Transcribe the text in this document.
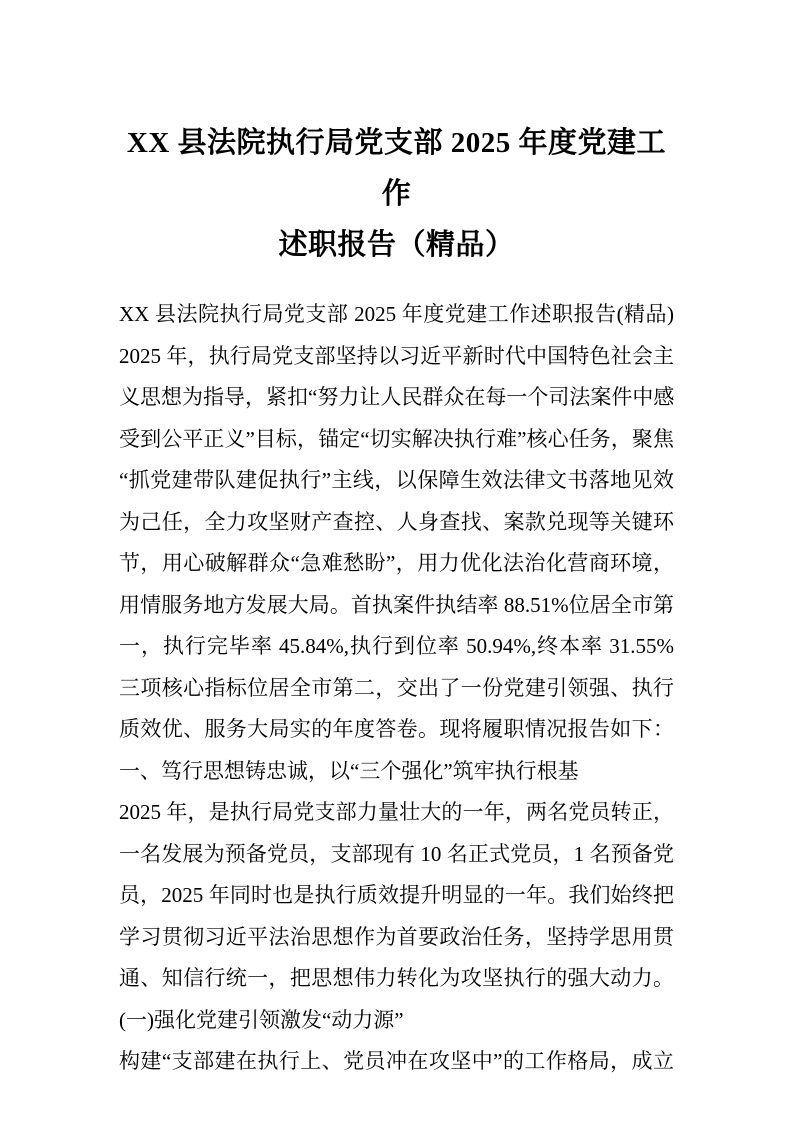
XX 县法院执行局党支部 2025 年度党建工作
述职报告（精品）
XX 县法院执行局党支部 2025 年度党建工作述职报告(精品)
2025 年，执行局党支部坚持以习近平新时代中国特色社会主
义思想为指导，紧扣“努力让人民群众在每一个司法案件中感
受到公平正义”目标，锚定“切实解决执行难”核心任务，聚焦
“抓党建带队建促执行”主线，以保障生效法律文书落地见效
为己任，全力攻坚财产查控、人身查找、案款兑现等关键环
节，用心破解群众“急难愁盼”，用力优化法治化营商环境，
用情服务地方发展大局。首执案件执结率 88.51%位居全市第
一，执行完毕率 45.84%,执行到位率 50.94%,终本率 31.55%
三项核心指标位居全市第二，交出了一份党建引领强、执行
质效优、服务大局实的年度答卷。现将履职情况报告如下：
一、笃行思想铸忠诚，以“三个强化”筑牢执行根基
2025 年，是执行局党支部力量壮大的一年，两名党员转正，
一名发展为预备党员，支部现有 10 名正式党员，1 名预备党
员，2025 年同时也是执行质效提升明显的一年。我们始终把
学习贯彻习近平法治思想作为首要政治任务，坚持学思用贯
通、知信行统一，把思想伟力转化为攻坚执行的强大动力。
(一)强化党建引领激发“动力源”
构建“支部建在执行上、党员冲在攻坚中”的工作格局，成立
